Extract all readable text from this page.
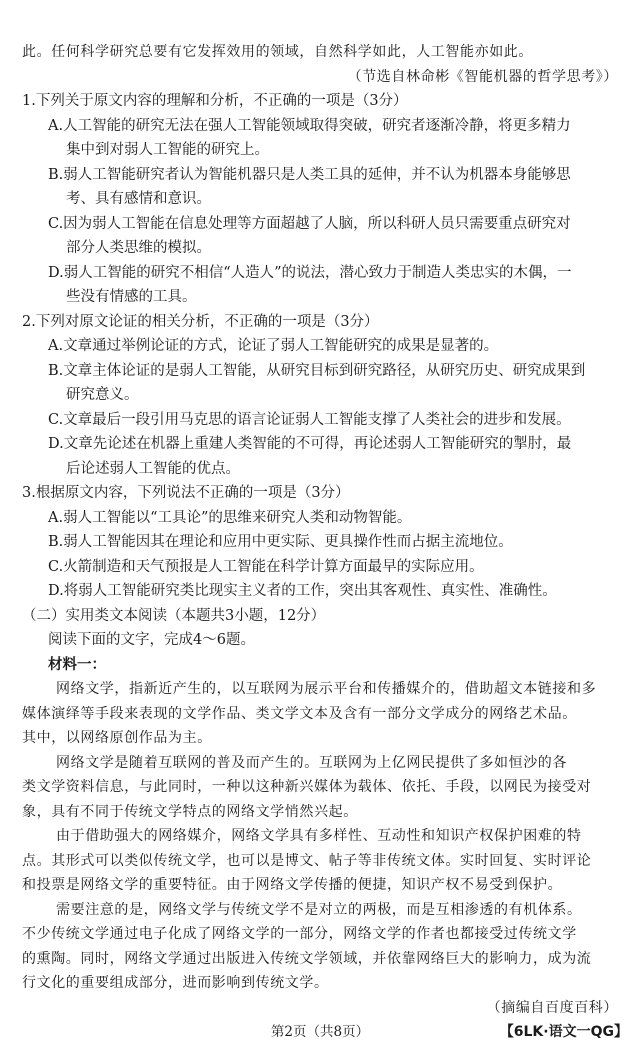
此。任何科学研究总要有它发挥效用的领域，自然科学如此，人工智能亦如此。
（节选自林命彬《智能机器的哲学思考》）
1.下列关于原文内容的理解和分析，不正确的一项是（3分）
A.人工智能的研究无法在强人工智能领域取得突破，研究者逐渐冷静，将更多精力
集中到对弱人工智能的研究上。
B.弱人工智能研究者认为智能机器只是人类工具的延伸，并不认为机器本身能够思
考、具有感情和意识。
C.因为弱人工智能在信息处理等方面超越了人脑，所以科研人员只需要重点研究对
部分人类思维的模拟。
D.弱人工智能的研究不相信“人造人”的说法，潜心致力于制造人类忠实的木偶，一
些没有情感的工具。
2.下列对原文论证的相关分析，不正确的一项是（3分）
A.文章通过举例论证的方式，论证了弱人工智能研究的成果是显著的。
B.文章主体论证的是弱人工智能，从研究目标到研究路径，从研究历史、研究成果到
研究意义。
C.文章最后一段引用马克思的语言论证弱人工智能支撑了人类社会的进步和发展。
D.文章先论述在机器上重建人类智能的不可得，再论述弱人工智能研究的掣肘，最
后论述弱人工智能的优点。
3.根据原文内容，下列说法不正确的一项是（3分）
A.弱人工智能以“工具论”的思维来研究人类和动物智能。
B.弱人工智能因其在理论和应用中更实际、更具操作性而占据主流地位。
C.火箭制造和天气预报是人工智能在科学计算方面最早的实际应用。
D.将弱人工智能研究类比现实主义者的工作，突出其客观性、真实性、准确性。
（二）实用类文本阅读（本题共3小题，12分）
阅读下面的文字，完成4～6题。
材料一：
网络文学，指新近产生的，以互联网为展示平台和传播媒介的，借助超文本链接和多
媒体演绎等手段来表现的文学作品、类文学文本及含有一部分文学成分的网络艺术品。
其中，以网络原创作品为主。
网络文学是随着互联网的普及而产生的。互联网为上亿网民提供了多如恒沙的各
类文学资料信息，与此同时，一种以这种新兴媒体为载体、依托、手段，以网民为接受对
象，具有不同于传统文学特点的网络文学悄然兴起。
由于借助强大的网络媒介，网络文学具有多样性、互动性和知识产权保护困难的特
点。其形式可以类似传统文学，也可以是博文、帖子等非传统文体。实时回复、实时评论
和投票是网络文学的重要特征。由于网络文学传播的便捷，知识产权不易受到保护。
需要注意的是，网络文学与传统文学不是对立的两极，而是互相渗透的有机体系。
不少传统文学通过电子化成了网络文学的一部分，网络文学的作者也都接受过传统文学
的熏陶。同时，网络文学通过出版进入传统文学领域，并依靠网络巨大的影响力，成为流
行文化的重要组成部分，进而影响到传统文学。
（摘编自百度百科）
第2页（共8页）	【6LK·语文一QG】
